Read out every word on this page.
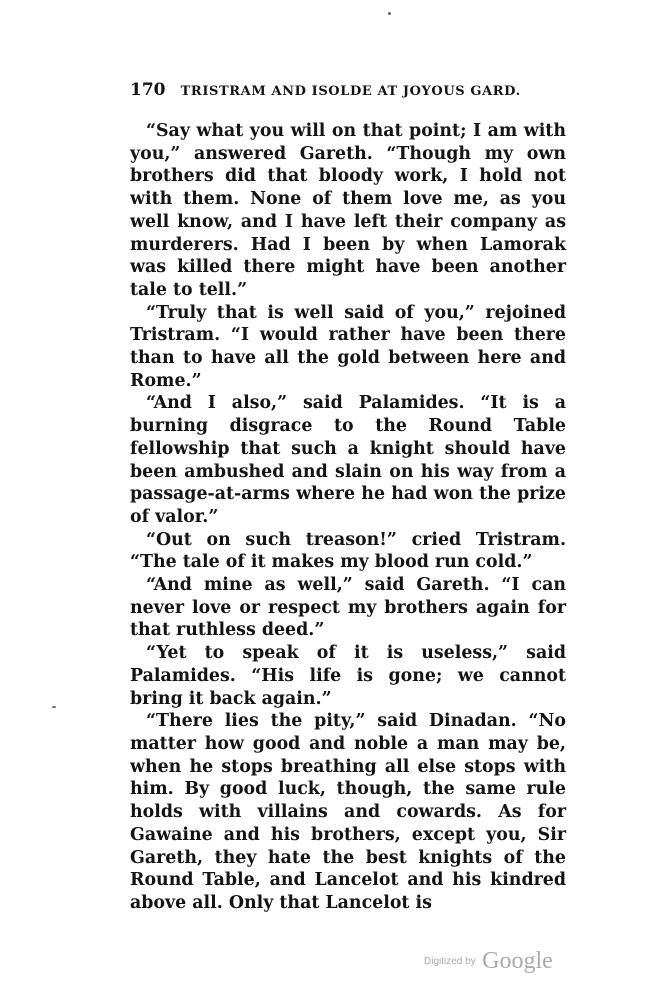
170 TRISTRAM AND ISOLDE AT JOYOUS GARD.

“Say what you will on that point; I am with you,” answered Gareth. “Though my own brothers did that bloody work, I hold not with them. None of them love me, as you well know, and I have left their company as murderers. Had I been by when Lamorak was killed there might have been another tale to tell.”

“Truly that is well said of you,” rejoined Tristram. “I would rather have been there than to have all the gold between here and Rome.”

“And I also,” said Palamides. “It is a burning disgrace to the Round Table fellowship that such a knight should have been ambushed and slain on his way from a passage-at-arms where he had won the prize of valor.”

“Out on such treason!” cried Tristram. “The tale of it makes my blood run cold.”

“And mine as well,” said Gareth. “I can never love or respect my brothers again for that ruthless deed.”

“Yet to speak of it is useless,” said Palamides. “His life is gone; we cannot bring it back again.”

“There lies the pity,” said Dinadan. “No matter how good and noble a man may be, when he stops breathing all else stops with him. By good luck, though, the same rule holds with villains and cowards. As for Gawaine and his brothers, except you, Sir Gareth, they hate the best knights of the Round Table, and Lancelot and his kindred above all. Only that Lancelot is

Digitized by Google
